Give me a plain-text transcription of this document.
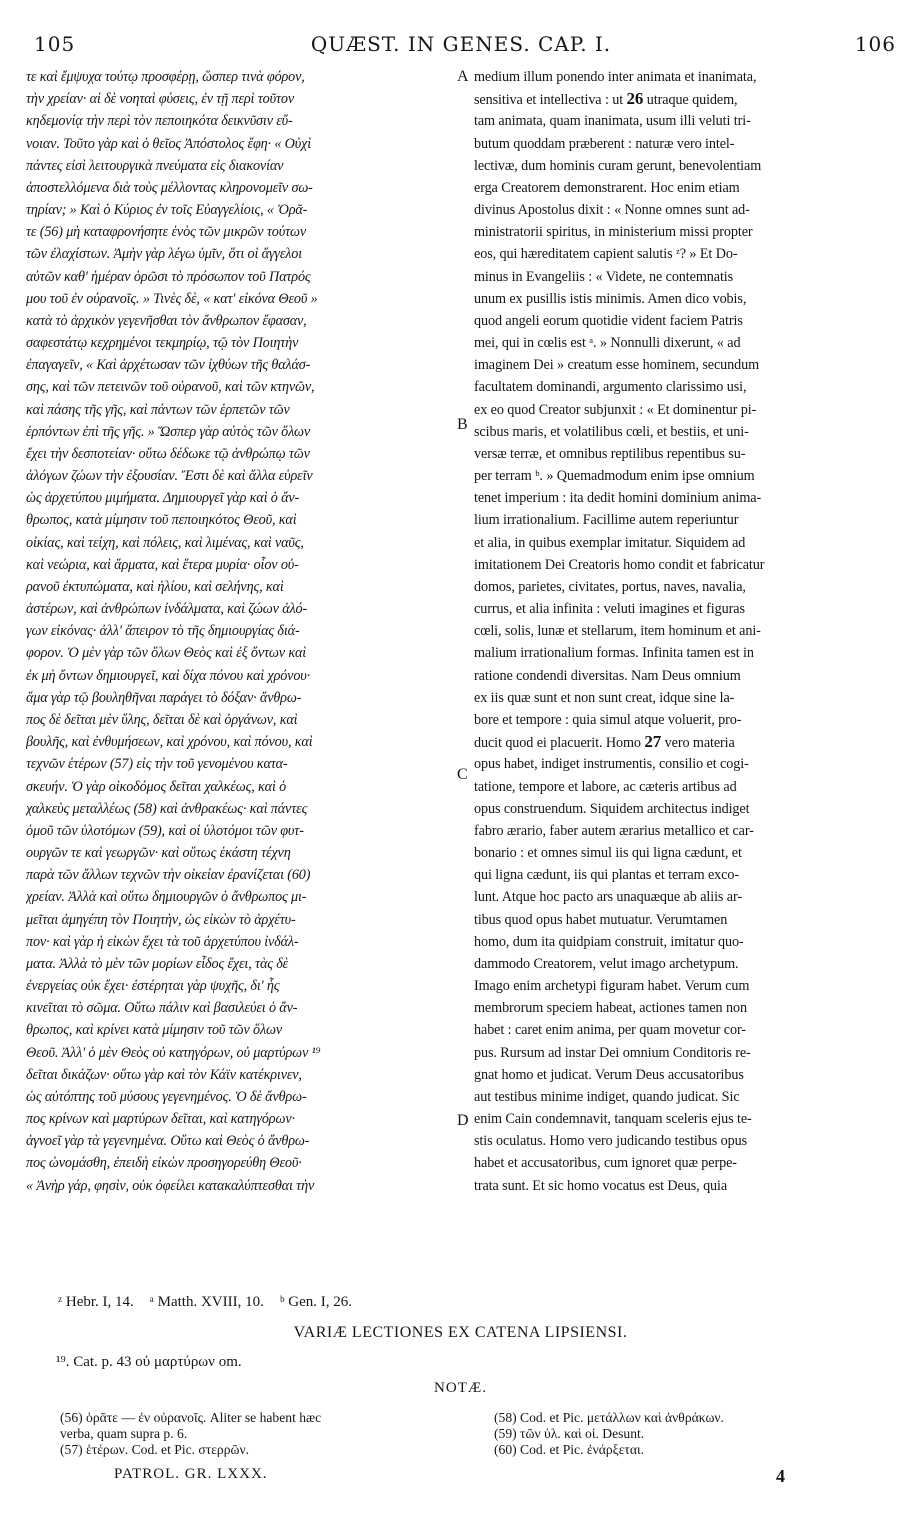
105	QUÆST. IN GENES. CAP. I.	106
τε καὶ ἔμψυχα τούτῳ προσφέρῃ, ὥσπερ τινὰ φόρον,
τὴν χρείαν· αἱ δὲ νοηταὶ φύσεις, ἐν τῇ περὶ τοῦτον
κηδεμονίᾳ τὴν περὶ τὸν πεποιηκότα δεικνῦσιν εὔ-
νοιαν. Τοῦτο γὰρ καὶ ὁ θεῖος Ἀπόστολος ἔφη· « Οὐχὶ
πάντες εἰσὶ λειτουργικὰ πνεύματα εἰς διακονίαν
ἀποστελλόμενα διὰ τοὺς μέλλοντας κληρονομεῖν σω-
τηρίαν; » Καὶ ὁ Κύριος ἐν τοῖς Εὐαγγελίοις, « Ὁρᾶ-
τε (56) μὴ καταφρονήσητε ἑνὸς τῶν μικρῶν τούτων
τῶν ἐλαχίστων. Ἀμὴν γὰρ λέγω ὑμῖν, ὅτι οἱ ἄγγελοι
αὐτῶν καθ' ἡμέραν ὁρῶσι τὸ πρόσωπον τοῦ Πατρός
μου τοῦ ἐν οὐρανοῖς. » Τινὲς δὲ, « κατ' εἰκόνα Θεοῦ »
κατὰ τὸ ἀρχικὸν γεγενῆσθαι τὸν ἄνθρωπον ἔφασαν,
σαφεστάτῳ κεχρημένοι τεκμηρίῳ, τῷ τὸν Ποιητὴν
ἐπαγαγεῖν, « Καὶ ἀρχέτωσαν τῶν ἰχθύων τῆς θαλάσ-
σης, καὶ τῶν πετεινῶν τοῦ οὐρανοῦ, καὶ τῶν κτηνῶν,
καὶ πάσης τῆς γῆς, καὶ πάντων τῶν ἑρπετῶν τῶν
ἑρπόντων ἐπὶ τῆς γῆς. » Ὥσπερ γὰρ αὐτὸς τῶν ὅλων
ἔχει τὴν δεσποτείαν· οὕτω δέδωκε τῷ ἀνθρώπῳ τῶν
ἀλόγων ζώων τὴν ἐξουσίαν. Ἔστι δὲ καὶ ἄλλα εὑρεῖν
ὡς ἀρχετύπου μιμήματα. Δημιουργεῖ γὰρ καὶ ὁ ἄν-
θρωπος, κατὰ μίμησιν τοῦ πεποιηκότος Θεοῦ, καὶ
οἰκίας, καὶ τείχη, καὶ πόλεις, καὶ λιμένας, καὶ ναῦς,
καὶ νεώρια, καὶ ἅρματα, καὶ ἕτερα μυρία· οἷον οὐ-
ρανοῦ ἐκτυπώματα, καὶ ἡλίου, καὶ σελήνης, καὶ
ἀστέρων, καὶ ἀνθρώπων ἰνδάλματα, καὶ ζώων ἀλό-
γων εἰκόνας· ἀλλ' ἄπειρον τὸ τῆς δημιουργίας διά-
φορον. Ὁ μὲν γὰρ τῶν ὅλων Θεὸς καὶ ἐξ ὄντων καὶ
ἐκ μὴ ὄντων δημιουργεῖ, καὶ δίχα πόνου καὶ χρόνου·
ἅμα γὰρ τῷ βουληθῆναι παράγει τὸ δόξαν· ἄνθρω-
πος δὲ δεῖται μὲν ὕλης, δεῖται δὲ καὶ ὀργάνων, καὶ
βουλῆς, καὶ ἐνθυμήσεων, καὶ χρόνου, καὶ πόνου, καὶ
τεχνῶν ἑτέρων (57) εἰς τὴν τοῦ γενομένου κατα-
σκευήν. Ὁ γὰρ οἰκοδόμος δεῖται χαλκέως, καὶ ὁ
χαλκεὺς μεταλλέως (58) καὶ ἀνθρακέως· καὶ πάντες
ὁμοῦ τῶν ὑλοτόμων (59), καὶ οἱ ὑλοτόμοι τῶν φυτ-
ουργῶν τε καὶ γεωργῶν· καὶ οὕτως ἑκάστη τέχνη
παρὰ τῶν ἄλλων τεχνῶν τὴν οἰκείαν ἐρανίζεται (60)
χρείαν. Ἀλλὰ καὶ οὕτω δημιουργῶν ὁ ἄνθρωπος μι-
μεῖται ἀμηγέπη τὸν Ποιητὴν, ὡς εἰκὼν τὸ ἀρχέτυ-
πον· καὶ γὰρ ἡ εἰκὼν ἔχει τὰ τοῦ ἀρχετύπου ἰνδάλ-
ματα. Ἀλλὰ τὸ μὲν τῶν μορίων εἶδος ἔχει, τὰς δὲ
ἐνεργείας οὐκ ἔχει· ἐστέρηται γὰρ ψυχῆς, δι' ἧς
κινεῖται τὸ σῶμα. Οὕτω πάλιν καὶ βασιλεύει ὁ ἄν-
θρωπος, καὶ κρίνει κατὰ μίμησιν τοῦ τῶν ὅλων
Θεοῦ. Ἀλλ' ὁ μὲν Θεὸς οὐ κατηγόρων, οὐ μαρτύρων ¹⁹
δεῖται δικάζων· οὕτω γὰρ καὶ τὸν Κάϊν κατέκρινεν,
ὡς αὐτόπτης τοῦ μύσους γεγενημένος. Ὁ δὲ ἄνθρω-
πος κρίνων καὶ μαρτύρων δεῖται, καὶ κατηγόρων·
ἀγνοεῖ γὰρ τὰ γεγενημένα. Οὕτω καὶ Θεὸς ὁ ἄνθρω-
πος ὠνομάσθη, ἐπειδὴ εἰκὼν προσηγορεύθη Θεοῦ·
« Ἀνὴρ γάρ, φησὶν, οὐκ ὀφείλει κατακαλύπτεσθαι τὴν
medium illum ponendo inter animata et inanimata,
sensitiva et intellectiva : ut 26 utraque quidem,
tam animata, quam inanimata, usum illi veluti tri-
butum quoddam præberent : naturæ vero intel-
lectivæ, dum hominis curam gerunt, benevolentiam
erga Creatorem demonstrarent. Hoc enim etiam
divinus Apostolus dixit : « Nonne omnes sunt ad-
ministratorii spiritus, in ministerium missi propter
eos, qui hæreditatem capient salutis ᶻ? » Et Do-
minus in Evangeliis : « Videte, ne contemnatis
unum ex pusillis istis minimis. Amen dico vobis,
quod angeli eorum quotidie vident faciem Patris
mei, qui in cœlis est ᵃ. » Nonnulli dixerunt, « ad
imaginem Dei » creatum esse hominem, secundum
facultatem dominandi, argumento clarissimo usi,
ex eo quod Creator subjunxit : « Et dominentur pi-
scibus maris, et volatilibus cœli, et bestiis, et uni-
versæ terræ, et omnibus reptilibus repentibus su-
per terram ᵇ. » Quemadmodum enim ipse omnium
tenet imperium : ita dedit homini dominium anima-
lium irrationalium. Facillime autem reperiuntur
et alia, in quibus exemplar imitatur. Siquidem ad
imitationem Dei Creatoris homo condit et fabricatur
domos, parietes, civitates, portus, naves, navalia,
currus, et alia infinita : veluti imagines et figuras
cœli, solis, lunæ et stellarum, item hominum et ani-
malium irrationalium formas. Infinita tamen est in
ratione condendi diversitas. Nam Deus omnium
ex iis quæ sunt et non sunt creat, idque sine la-
bore et tempore : quia simul atque voluerit, pro-
ducit quod ei placuerit. Homo 27 vero materia
opus habet, indiget instrumentis, consilio et cogi-
tatione, tempore et labore, ac cæteris artibus ad
opus construendum. Siquidem architectus indiget
fabro ærario, faber autem ærarius metallico et car-
bonario : et omnes simul iis qui ligna cædunt, et
qui ligna cædunt, iis qui plantas et terram exco-
lunt. Atque hoc pacto ars unaquæque ab aliis ar-
tibus quod opus habet mutuatur. Verumtamen
homo, dum ita quidpiam construit, imitatur quo-
dammodo Creatorem, velut imago archetypum.
Imago enim archetypi figuram habet. Verum cum
membrorum speciem habeat, actiones tamen non
habet : caret enim anima, per quam movetur cor-
pus. Rursum ad instar Dei omnium Conditoris re-
gnat homo et judicat. Verum Deus accusatoribus
aut testibus minime indiget, quando judicat. Sic
enim Cain condemnavit, tanquam sceleris ejus te-
stis oculatus. Homo vero judicando testibus opus
habet et accusatoribus, cum ignoret quæ perpe-
trata sunt. Et sic homo vocatus est Deus, quia
A
B
C
D
ᶻ Hebr. I, 14. ᵃ Matth. XVIII, 10. ᵇ Gen. I, 26.
VARIÆ LECTIONES EX CATENA LIPSIENSI.
¹⁹. Cat. p. 43 οὐ μαρτύρων om.
NOTÆ.
(56) ὁρᾶτε — ἐν οὐρανοῖς. Aliter se habent hæc
verba, quam supra p. 6.
(57) ἑτέρων. Cod. et Pic. στερρῶν.
(58) Cod. et Pic. μετάλλων καὶ ἀνθράκων.
(59) τῶν ὑλ. καὶ οἱ. Desunt.
(60) Cod. et Pic. ἐνάρξεται.
PATROL. GR. LXXX.	4
